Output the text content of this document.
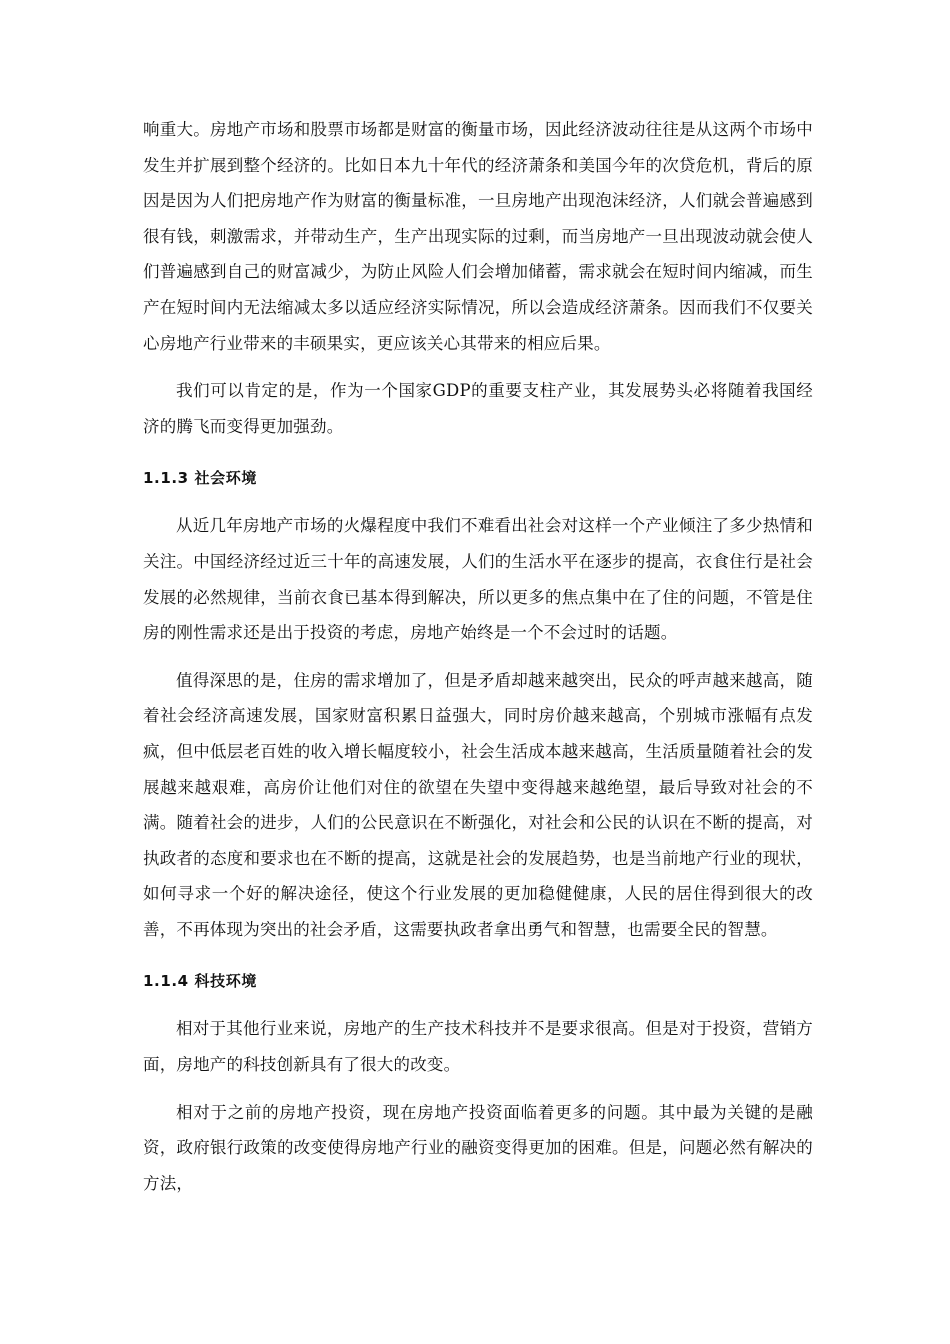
响重大。房地产市场和股票市场都是财富的衡量市场，因此经济波动往往是从这两个市场中发生并扩展到整个经济的。比如日本九十年代的经济萧条和美国今年的次贷危机，背后的原因是因为人们把房地产作为财富的衡量标准，一旦房地产出现泡沫经济，人们就会普遍感到很有钱，刺激需求，并带动生产，生产出现实际的过剩，而当房地产一旦出现波动就会使人们普遍感到自己的财富减少，为防止风险人们会增加储蓄，需求就会在短时间内缩减，而生产在短时间内无法缩减太多以适应经济实际情况，所以会造成经济萧条。因而我们不仅要关心房地产行业带来的丰硕果实，更应该关心其带来的相应后果。

我们可以肯定的是，作为一个国家GDP的重要支柱产业，其发展势头必将随着我国经济的腾飞而变得更加强劲。

1.1.3 社会环境

从近几年房地产市场的火爆程度中我们不难看出社会对这样一个产业倾注了多少热情和关注。中国经济经过近三十年的高速发展，人们的生活水平在逐步的提高，衣食住行是社会发展的必然规律，当前衣食已基本得到解决，所以更多的焦点集中在了住的问题，不管是住房的刚性需求还是出于投资的考虑，房地产始终是一个不会过时的话题。

值得深思的是，住房的需求增加了，但是矛盾却越来越突出，民众的呼声越来越高，随着社会经济高速发展，国家财富积累日益强大，同时房价越来越高，个别城市涨幅有点发疯，但中低层老百姓的收入增长幅度较小，社会生活成本越来越高，生活质量随着社会的发展越来越艰难，高房价让他们对住的欲望在失望中变得越来越绝望，最后导致对社会的不满。随着社会的进步，人们的公民意识在不断强化，对社会和公民的认识在不断的提高，对执政者的态度和要求也在不断的提高，这就是社会的发展趋势，也是当前地产行业的现状，如何寻求一个好的解决途径，使这个行业发展的更加稳健健康，人民的居住得到很大的改善，不再体现为突出的社会矛盾，这需要执政者拿出勇气和智慧，也需要全民的智慧。

1.1.4 科技环境

相对于其他行业来说，房地产的生产技术科技并不是要求很高。但是对于投资，营销方面，房地产的科技创新具有了很大的改变。

相对于之前的房地产投资，现在房地产投资面临着更多的问题。其中最为关键的是融资，政府银行政策的改变使得房地产行业的融资变得更加的困难。但是，问题必然有解决的方法，
